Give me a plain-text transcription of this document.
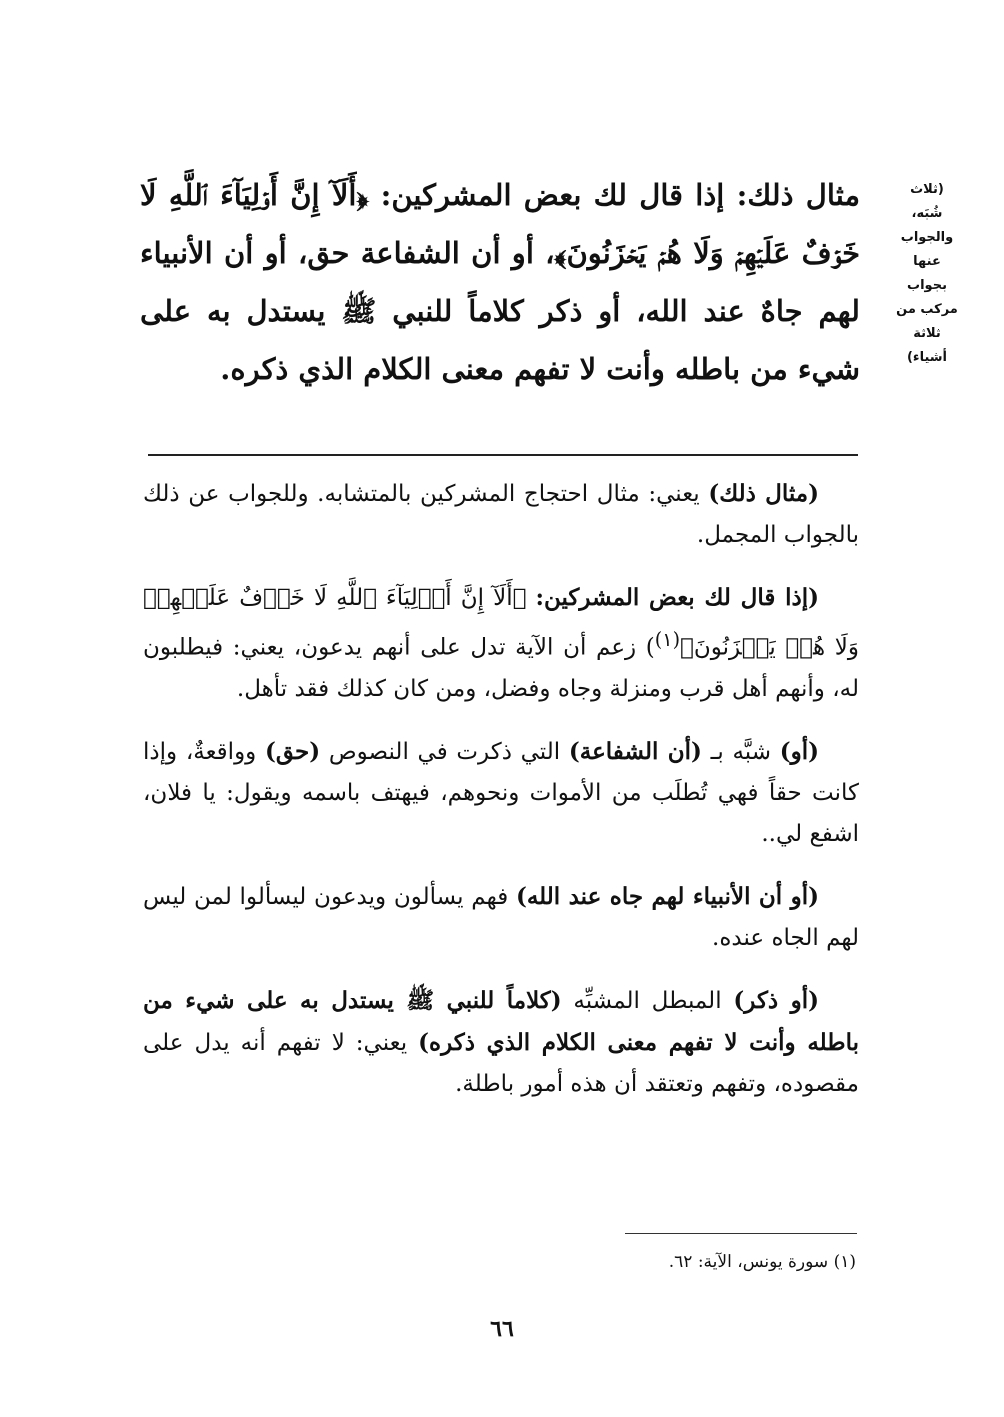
(ثلاث
شُبَه،
والجواب
عنها
بجواب
مركب من
ثلاثة
أشياء)
مثال ذلك: إذا قال لك بعض المشركين: ﴿أَلَآ إِنَّ أَوۡلِيَآءَ ٱللَّهِ لَا خَوۡفٌ عَلَيۡهِمۡ وَلَا هُمۡ يَحۡزَنُونَ﴾، أو أن الشفاعة حق، أو أن الأنبياء لهم جاهٌ عند الله، أو ذكر كلاماً للنبي ﷺ يستدل به على شيء من باطله وأنت لا تفهم معنى الكلام الذي ذكره.

(مثال ذلك) يعني: مثال احتجاج المشركين بالمتشابه. وللجواب عن ذلك بالجواب المجمل.

(إذا قال لك بعض المشركين: ﴿أَلَآ إِنَّ أَوۡلِيَآءَ ٱللَّهِ لَا خَوۡفٌ عَلَيۡهِمۡ وَلَا هُمۡ يَحۡزَنُونَ﴾$^{(١)}$) زعم أن الآية تدل على أنهم يدعون، يعني: فيطلبون له، وأنهم أهل قرب ومنزلة وجاه وفضل، ومن كان كذلك فقد تأهل.

(أو) شبَّه بـ (أن الشفاعة) التي ذكرت في النصوص (حق) وواقعةٌ، وإذا كانت حقاً فهي تُطلَب من الأموات ونحوهم، فيهتف باسمه ويقول: يا فلان، اشفع لي..

(أو أن الأنبياء لهم جاه عند الله) فهم يسألون ويدعون ليسألوا لمن ليس لهم الجاه عنده.

(أو ذكر) المبطل المشبِّه (كلاماً للنبي ﷺ يستدل به على شيء من باطله وأنت لا تفهم معنى الكلام الذي ذكره) يعني: لا تفهم أنه يدل على مقصوده، وتفهم وتعتقد أن هذه أمور باطلة.

(١) سورة يونس، الآية: ٦٢.
٦٦
